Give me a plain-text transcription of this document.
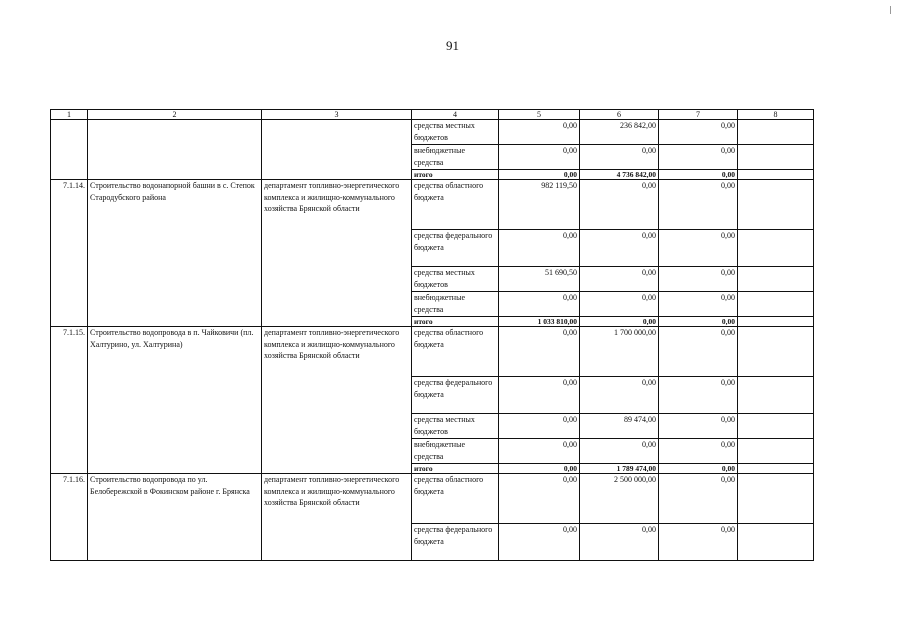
91
1	2	3	4	5	6	7	8
			средства местных бюджетов	0,00	236 842,00	0,00	
			внебюджетные средства	0,00	0,00	0,00	
			итого	0,00	4 736 842,00	0,00	
7.1.14.	Строительство водонапорной башни в с. Степок Стародубского района	департамент топливно-энергетического комплекса и жилищно-коммунального хозяйства Брянской области	средства областного бюджета	982 119,50	0,00	0,00	
			средства федерального бюджета	0,00	0,00	0,00	
			средства местных бюджетов	51 690,50	0,00	0,00	
			внебюджетные средства	0,00	0,00	0,00	
			итого	1 033 810,00	0,00	0,00	
7.1.15.	Строительство водопровода в п. Чайковичи (пл. Халтурино, ул. Халтурина)	департамент топливно-энергетического комплекса и жилищно-коммунального хозяйства Брянской области	средства областного бюджета	0,00	1 700 000,00	0,00	
			средства федерального бюджета	0,00	0,00	0,00	
			средства местных бюджетов	0,00	89 474,00	0,00	
			внебюджетные средства	0,00	0,00	0,00	
			итого	0,00	1 789 474,00	0,00	
7.1.16.	Строительство водопровода по ул. Белобережской в Фокинском районе г. Брянска	департамент топливно-энергетического комплекса и жилищно-коммунального хозяйства Брянской области	средства областного бюджета	0,00	2 500 000,00	0,00	
			средства федерального бюджета	0,00	0,00	0,00	
